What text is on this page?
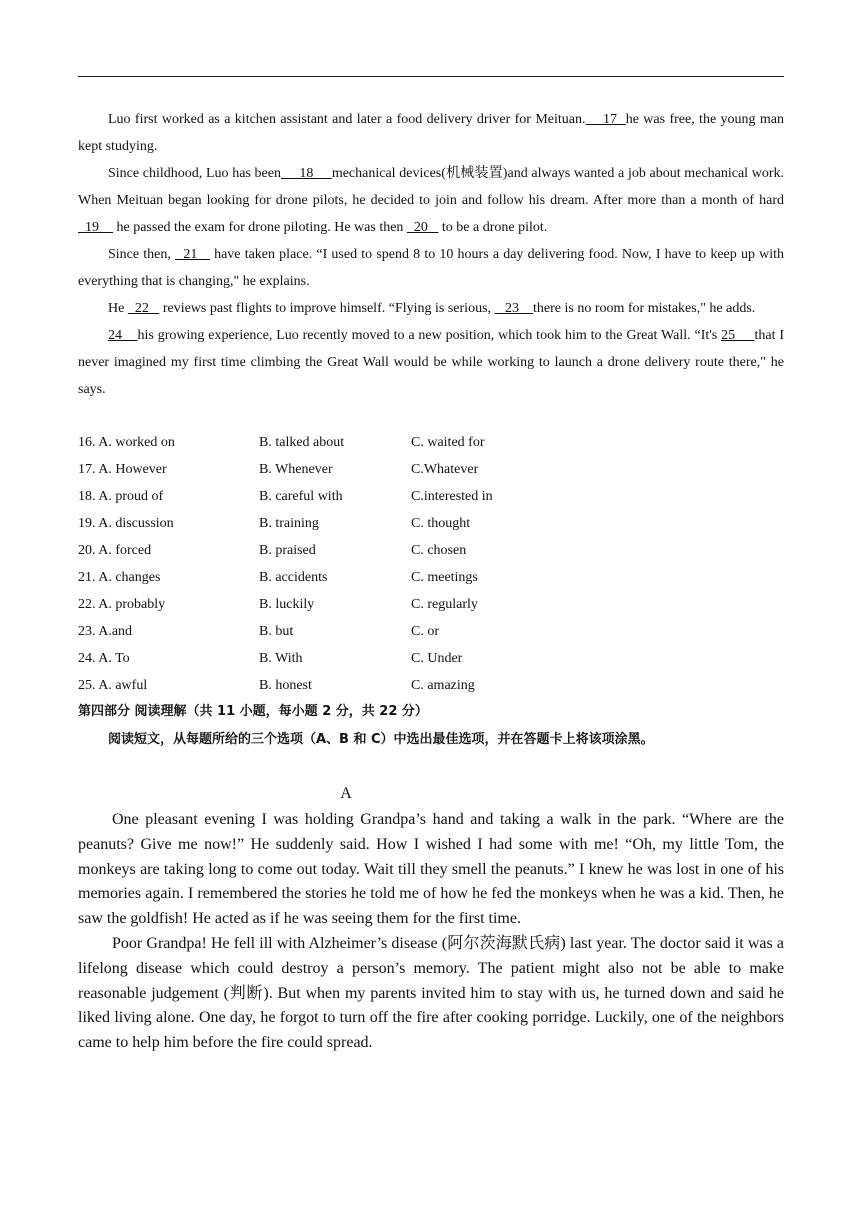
Luo first worked as a kitchen assistant and later a food delivery driver for Meituan.    17  he was free, the young man kept studying.

Since childhood, Luo has been     18     mechanical devices(机械装置)and always wanted a job about mechanical work. When Meituan began looking for drone pilots, he decided to join and follow his dream. After more than a month of hard   19     he passed the exam for drone piloting. He was then   20    to be a drone pilot.

Since then,   21    have taken place. “I used to spend 8 to 10 hours a day delivering food. Now, I have to keep up with everything that is changing," he explains.

He   22    reviews past flights to improve himself. “Flying is serious,    23    there is no room for mistakes," he adds.

24    his growing experience, Luo recently moved to a new position, which took him to the Great Wall. “It's 25     that I never imagined my first time climbing the Great Wall would be while working to launch a drone delivery route there," he says.

16. A. worked on	B. talked about	C. waited for
17. A. However	B. Whenever	C.Whatever
18. A. proud of	B. careful with	C.interested in
19. A. discussion	B. training	C. thought
20. A. forced	B. praised	C. chosen
21. A. changes	B. accidents	C. meetings
22. A. probably	B. luckily	C. regularly
23. A.and	B. but	C. or
24. A. To	B. With	C. Under
25. A. awful	B. honest	C. amazing
第四部分 阅读理解（共 11 小题，每小题 2 分，共 22 分）
阅读短文，从每题所给的三个选项（A、B 和 C）中选出最佳选项，并在答题卡上将该项涂黑。
A

One pleasant evening I was holding Grandpa’s hand and taking a walk in the park. “Where are the peanuts? Give me now!” He suddenly said. How I wished I had some with me! “Oh, my little Tom, the monkeys are taking long to come out today. Wait till they smell the peanuts.” I knew he was lost in one of his memories again. I remembered the stories he told me of how he fed the monkeys when he was a kid. Then, he saw the goldfish! He acted as if he was seeing them for the first time.

Poor Grandpa! He fell ill with Alzheimer’s disease (阿尔茨海默氏病) last year. The doctor said it was a lifelong disease which could destroy a person’s memory. The patient might also not be able to make reasonable judgement (判断). But when my parents invited him to stay with us, he turned down and said he liked living alone. One day, he forgot to turn off the fire after cooking porridge. Luckily, one of the neighbors came to help him before the fire could spread.
